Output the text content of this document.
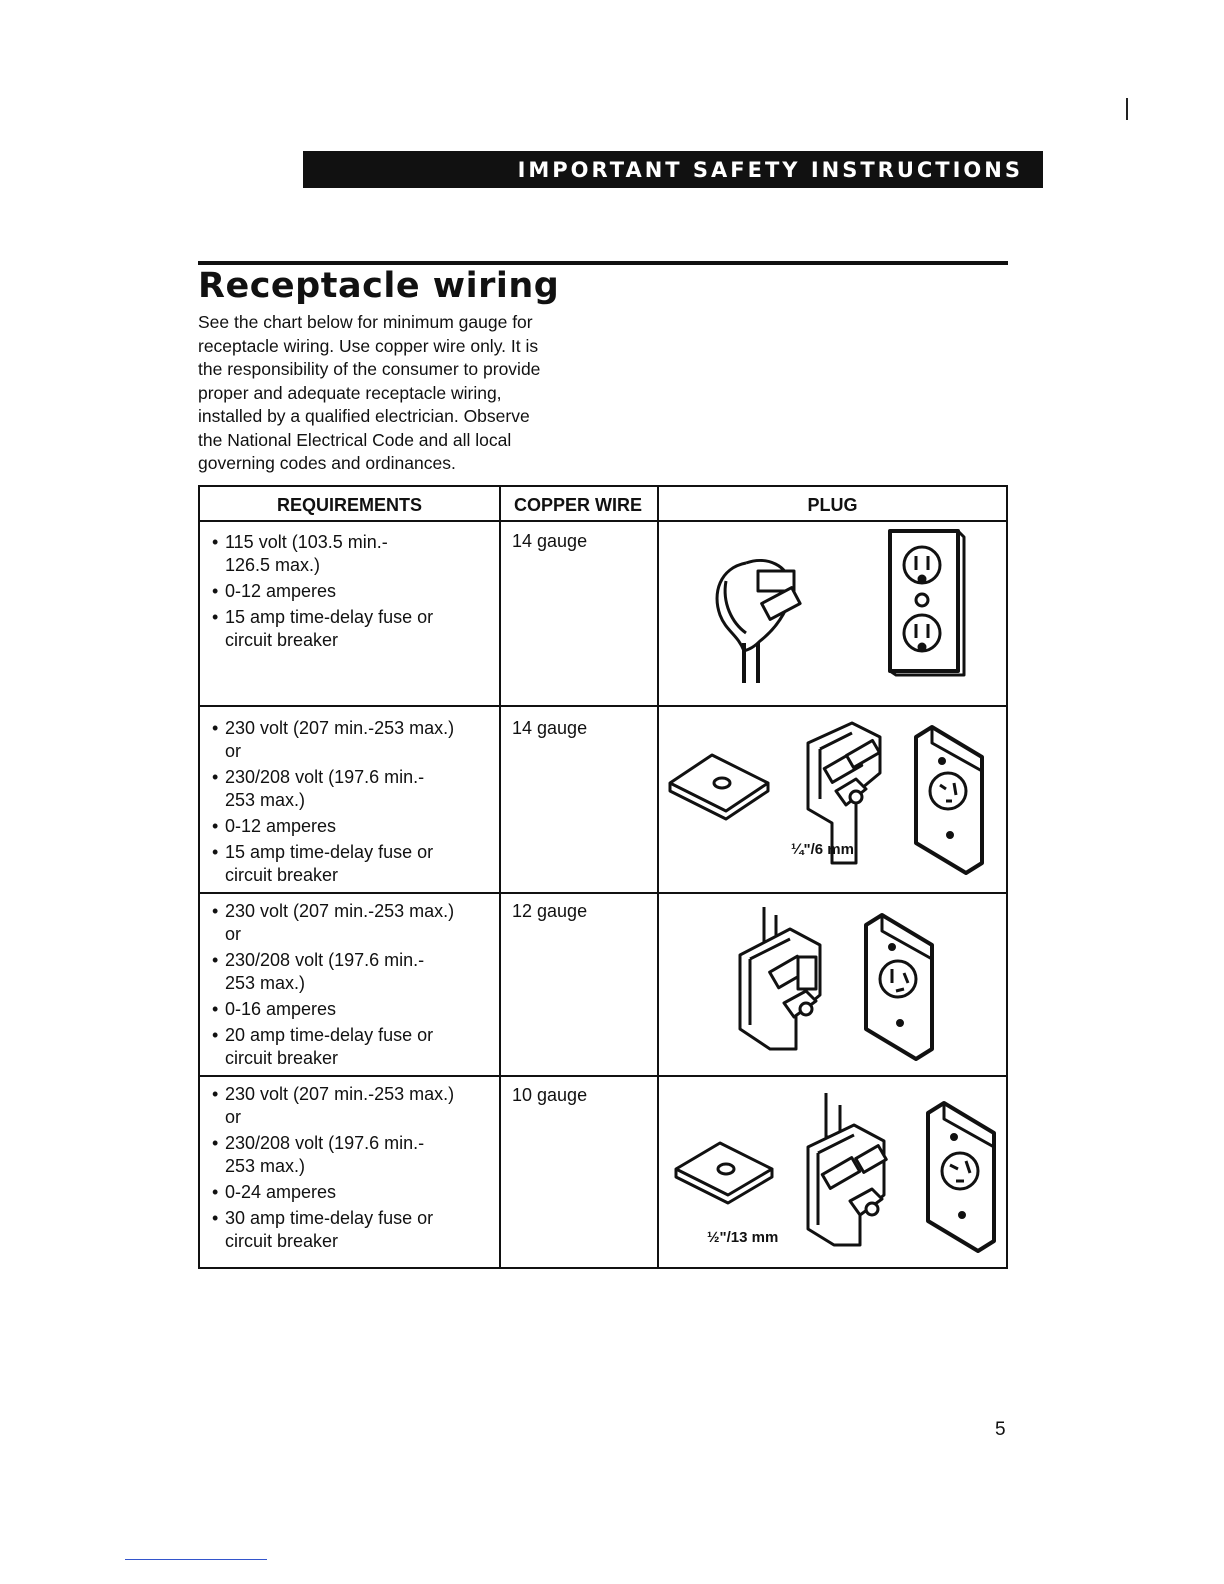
IMPORTANT SAFETY INSTRUCTIONS
Receptacle wiring

See the chart below for minimum gauge for
receptacle wiring. Use copper wire only. It is
the responsibility of the consumer to provide
proper and adequate receptacle wiring,
installed by a qualified electrician. Observe
the National Electrical Code and all local
governing codes and ordinances.

REQUIREMENTS	COPPER WIRE	PLUG
• 115 volt (103.5 min.-
126.5 max.)
• 0-12 amperes
• 15 amp time-delay fuse or
circuit breaker
14 gauge
• 230 volt (207 min.-253 max.)
or
• 230/208 volt (197.6 min.-
253 max.)
• 0-12 amperes
• 15 amp time-delay fuse or
circuit breaker
14 gauge
¼"/6 mm
• 230 volt (207 min.-253 max.)
or
• 230/208 volt (197.6 min.-
253 max.)
• 0-16 amperes
• 20 amp time-delay fuse or
circuit breaker
12 gauge
• 230 volt (207 min.-253 max.)
or
• 230/208 volt (197.6 min.-
253 max.)
• 0-24 amperes
• 30 amp time-delay fuse or
circuit breaker
10 gauge
½"/13 mm
5
